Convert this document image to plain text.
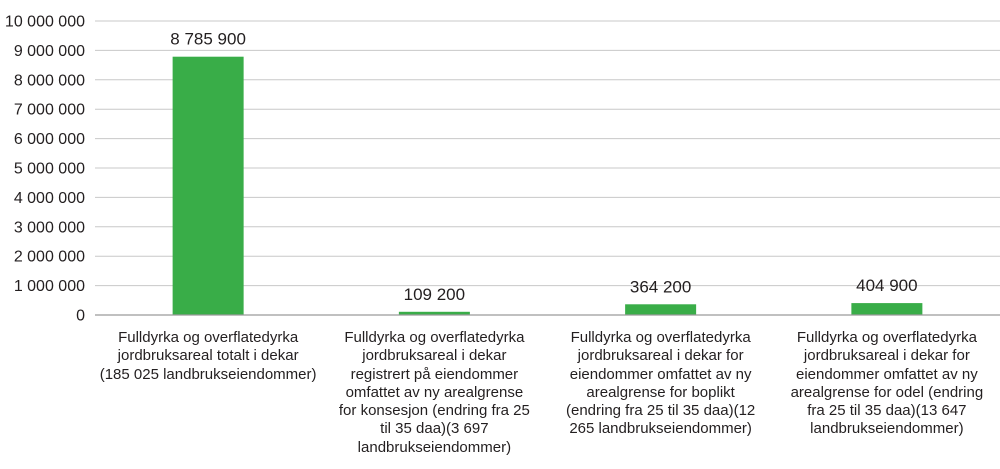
0
1 000 000
2 000 000
3 000 000
4 000 000
5 000 000
6 000 000
7 000 000
8 000 000
9 000 000
10 000 000
8 785 900
109 200	364 200	404 900
Fulldyrka og overflatedyrka
jordbruksareal totalt i dekar
(185 025 landbrukseiendommer)
Fulldyrka og overflatedyrka
jordbruksareal i dekar
registrert på eiendommer
omfattet av ny arealgrense
for konsesjon (endring fra 25
til 35 daa)(3 697
landbrukseiendommer)
Fulldyrka og overflatedyrka
jordbruksareal i dekar for
eiendommer omfattet av ny
arealgrense for boplikt
(endring fra 25 til 35 daa)(12
265 landbrukseiendommer)
Fulldyrka og overflatedyrka
jordbruksareal i dekar for
eiendommer omfattet av ny
arealgrense for odel (endring
fra 25 til 35 daa)(13 647
landbrukseiendommer)
